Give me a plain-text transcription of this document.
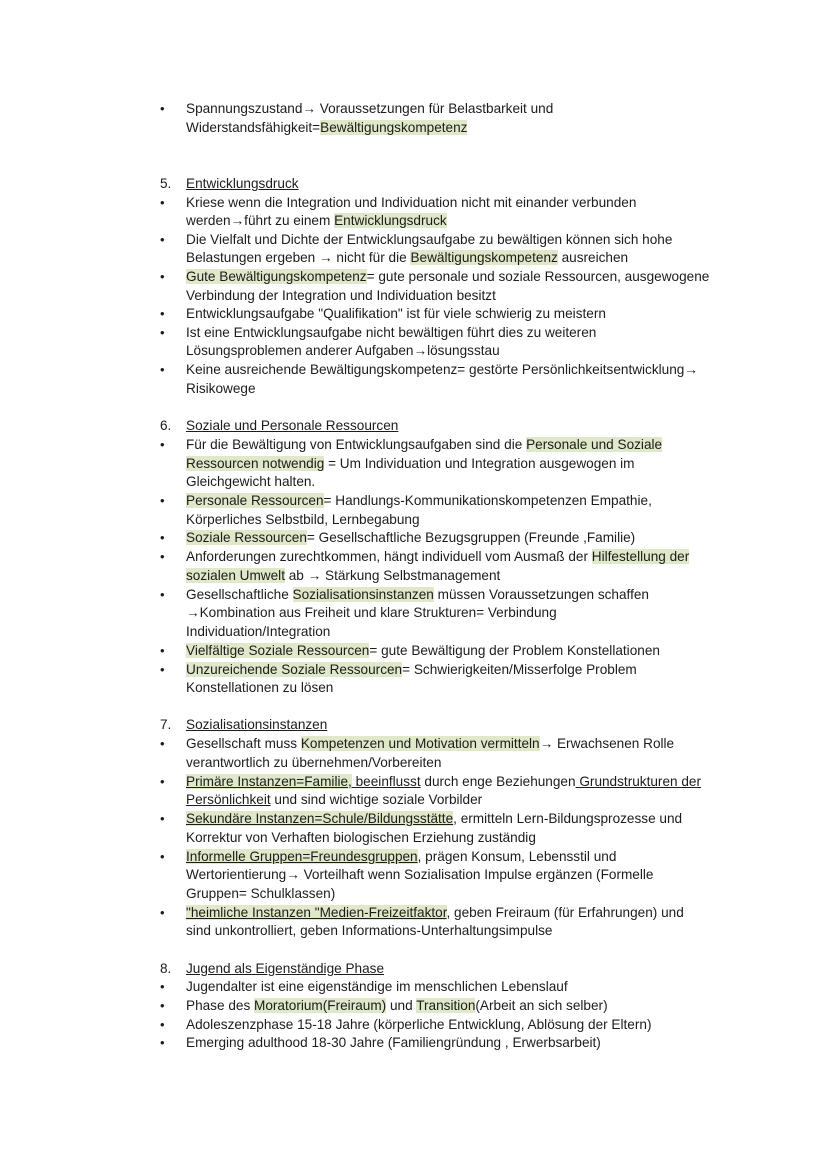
• Spannungszustand→ Voraussetzungen für Belastbarkeit und
Widerstandsfähigkeit=Bewältigungskompetenz
5. Entwicklungsdruck
• Kriese wenn die Integration und Individuation nicht mit einander verbunden
werden→führt zu einem Entwicklungsdruck
• Die Vielfalt und Dichte der Entwicklungsaufgabe zu bewältigen können sich hohe
Belastungen ergeben → nicht für die Bewältigungskompetenz ausreichen
• Gute Bewältigungskompetenz= gute personale und soziale Ressourcen, ausgewogene
Verbindung der Integration und Individuation besitzt
• Entwicklungsaufgabe "Qualifikation" ist für viele schwierig zu meistern
• Ist eine Entwicklungsaufgabe nicht bewältigen führt dies zu weiteren
Lösungsproblemen anderer Aufgaben→lösungsstau
• Keine ausreichende Bewältigungskompetenz= gestörte Persönlichkeitsentwicklung→
Risikowege
6. Soziale und Personale Ressourcen
• Für die Bewältigung von Entwicklungsaufgaben sind die Personale und Soziale
Ressourcen notwendig = Um Individuation und Integration ausgewogen im
Gleichgewicht halten.
• Personale Ressourcen= Handlungs-Kommunikationskompetenzen Empathie,
Körperliches Selbstbild, Lernbegabung
• Soziale Ressourcen= Gesellschaftliche Bezugsgruppen (Freunde ,Familie)
• Anforderungen zurechtkommen, hängt individuell vom Ausmaß der Hilfestellung der
sozialen Umwelt ab → Stärkung Selbstmanagement
• Gesellschaftliche Sozialisationsinstanzen müssen Voraussetzungen schaffen
→Kombination aus Freiheit und klare Strukturen= Verbindung
Individuation/Integration
• Vielfältige Soziale Ressourcen= gute Bewältigung der Problem Konstellationen
• Unzureichende Soziale Ressourcen= Schwierigkeiten/Misserfolge Problem
Konstellationen zu lösen
7. Sozialisationsinstanzen
• Gesellschaft muss Kompetenzen und Motivation vermitteln→ Erwachsenen Rolle
verantwortlich zu übernehmen/Vorbereiten
• Primäre Instanzen=Familie, beeinflusst durch enge Beziehungen Grundstrukturen der
Persönlichkeit und sind wichtige soziale Vorbilder
• Sekundäre Instanzen=Schule/Bildungsstätte, ermitteln Lern-Bildungsprozesse und
Korrektur von Verhaften biologischen Erziehung zuständig
• Informelle Gruppen=Freundesgruppen, prägen Konsum, Lebensstil und
Wertorientierung→ Vorteilhaft wenn Sozialisation Impulse ergänzen (Formelle
Gruppen= Schulklassen)
• "heimliche Instanzen "Medien-Freizeitfaktor, geben Freiraum (für Erfahrungen) und
sind unkontrolliert, geben Informations-Unterhaltungsimpulse
8. Jugend als Eigenständige Phase
• Jugendalter ist eine eigenständige im menschlichen Lebenslauf
• Phase des Moratorium(Freiraum) und Transition(Arbeit an sich selber)
• Adoleszenzphase 15-18 Jahre (körperliche Entwicklung, Ablösung der Eltern)
• Emerging adulthood 18-30 Jahre (Familiengründung , Erwerbsarbeit)
